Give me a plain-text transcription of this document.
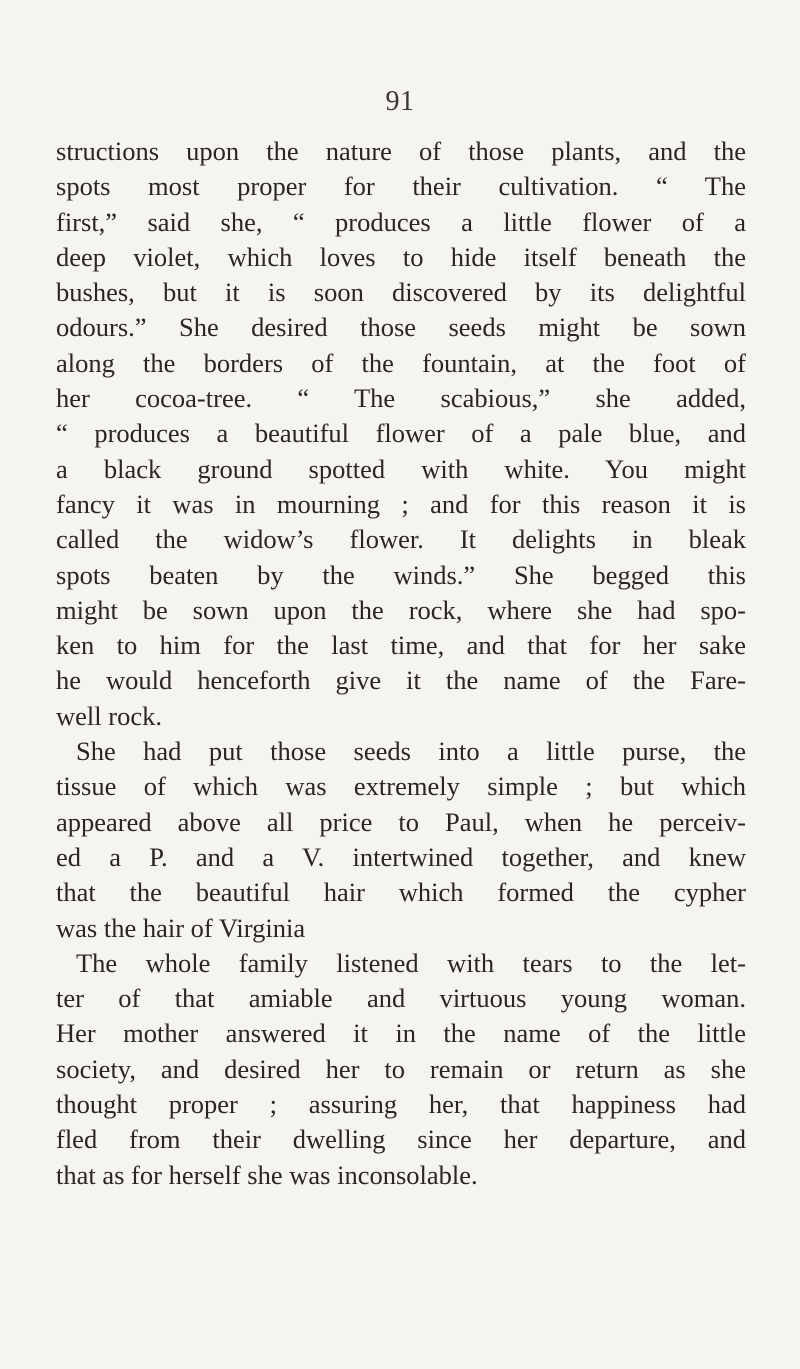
91
structions upon the nature of those plants, and the
spots most proper for their cultivation. “ The
first,” said she, “ produces a little flower of a
deep violet, which loves to hide itself beneath the
bushes, but it is soon discovered by its delightful
odours.” She desired those seeds might be sown
along the borders of the fountain, at the foot of
her cocoa-tree. “ The scabious,” she added,
“ produces a beautiful flower of a pale blue, and
a black ground spotted with white. You might
fancy it was in mourning ; and for this reason it is
called the widow’s flower. It delights in bleak
spots beaten by the winds.” She begged this
might be sown upon the rock, where she had spo-
ken to him for the last time, and that for her sake
he would henceforth give it the name of the Fare-
well rock.
She had put those seeds into a little purse, the
tissue of which was extremely simple ; but which
appeared above all price to Paul, when he perceiv-
ed a P. and a V. intertwined together, and knew
that the beautiful hair which formed the cypher
was the hair of Virginia
The whole family listened with tears to the let-
ter of that amiable and virtuous young woman.
Her mother answered it in the name of the little
society, and desired her to remain or return as she
thought proper ; assuring her, that happiness had
fled from their dwelling since her departure, and
that as for herself she was inconsolable.
